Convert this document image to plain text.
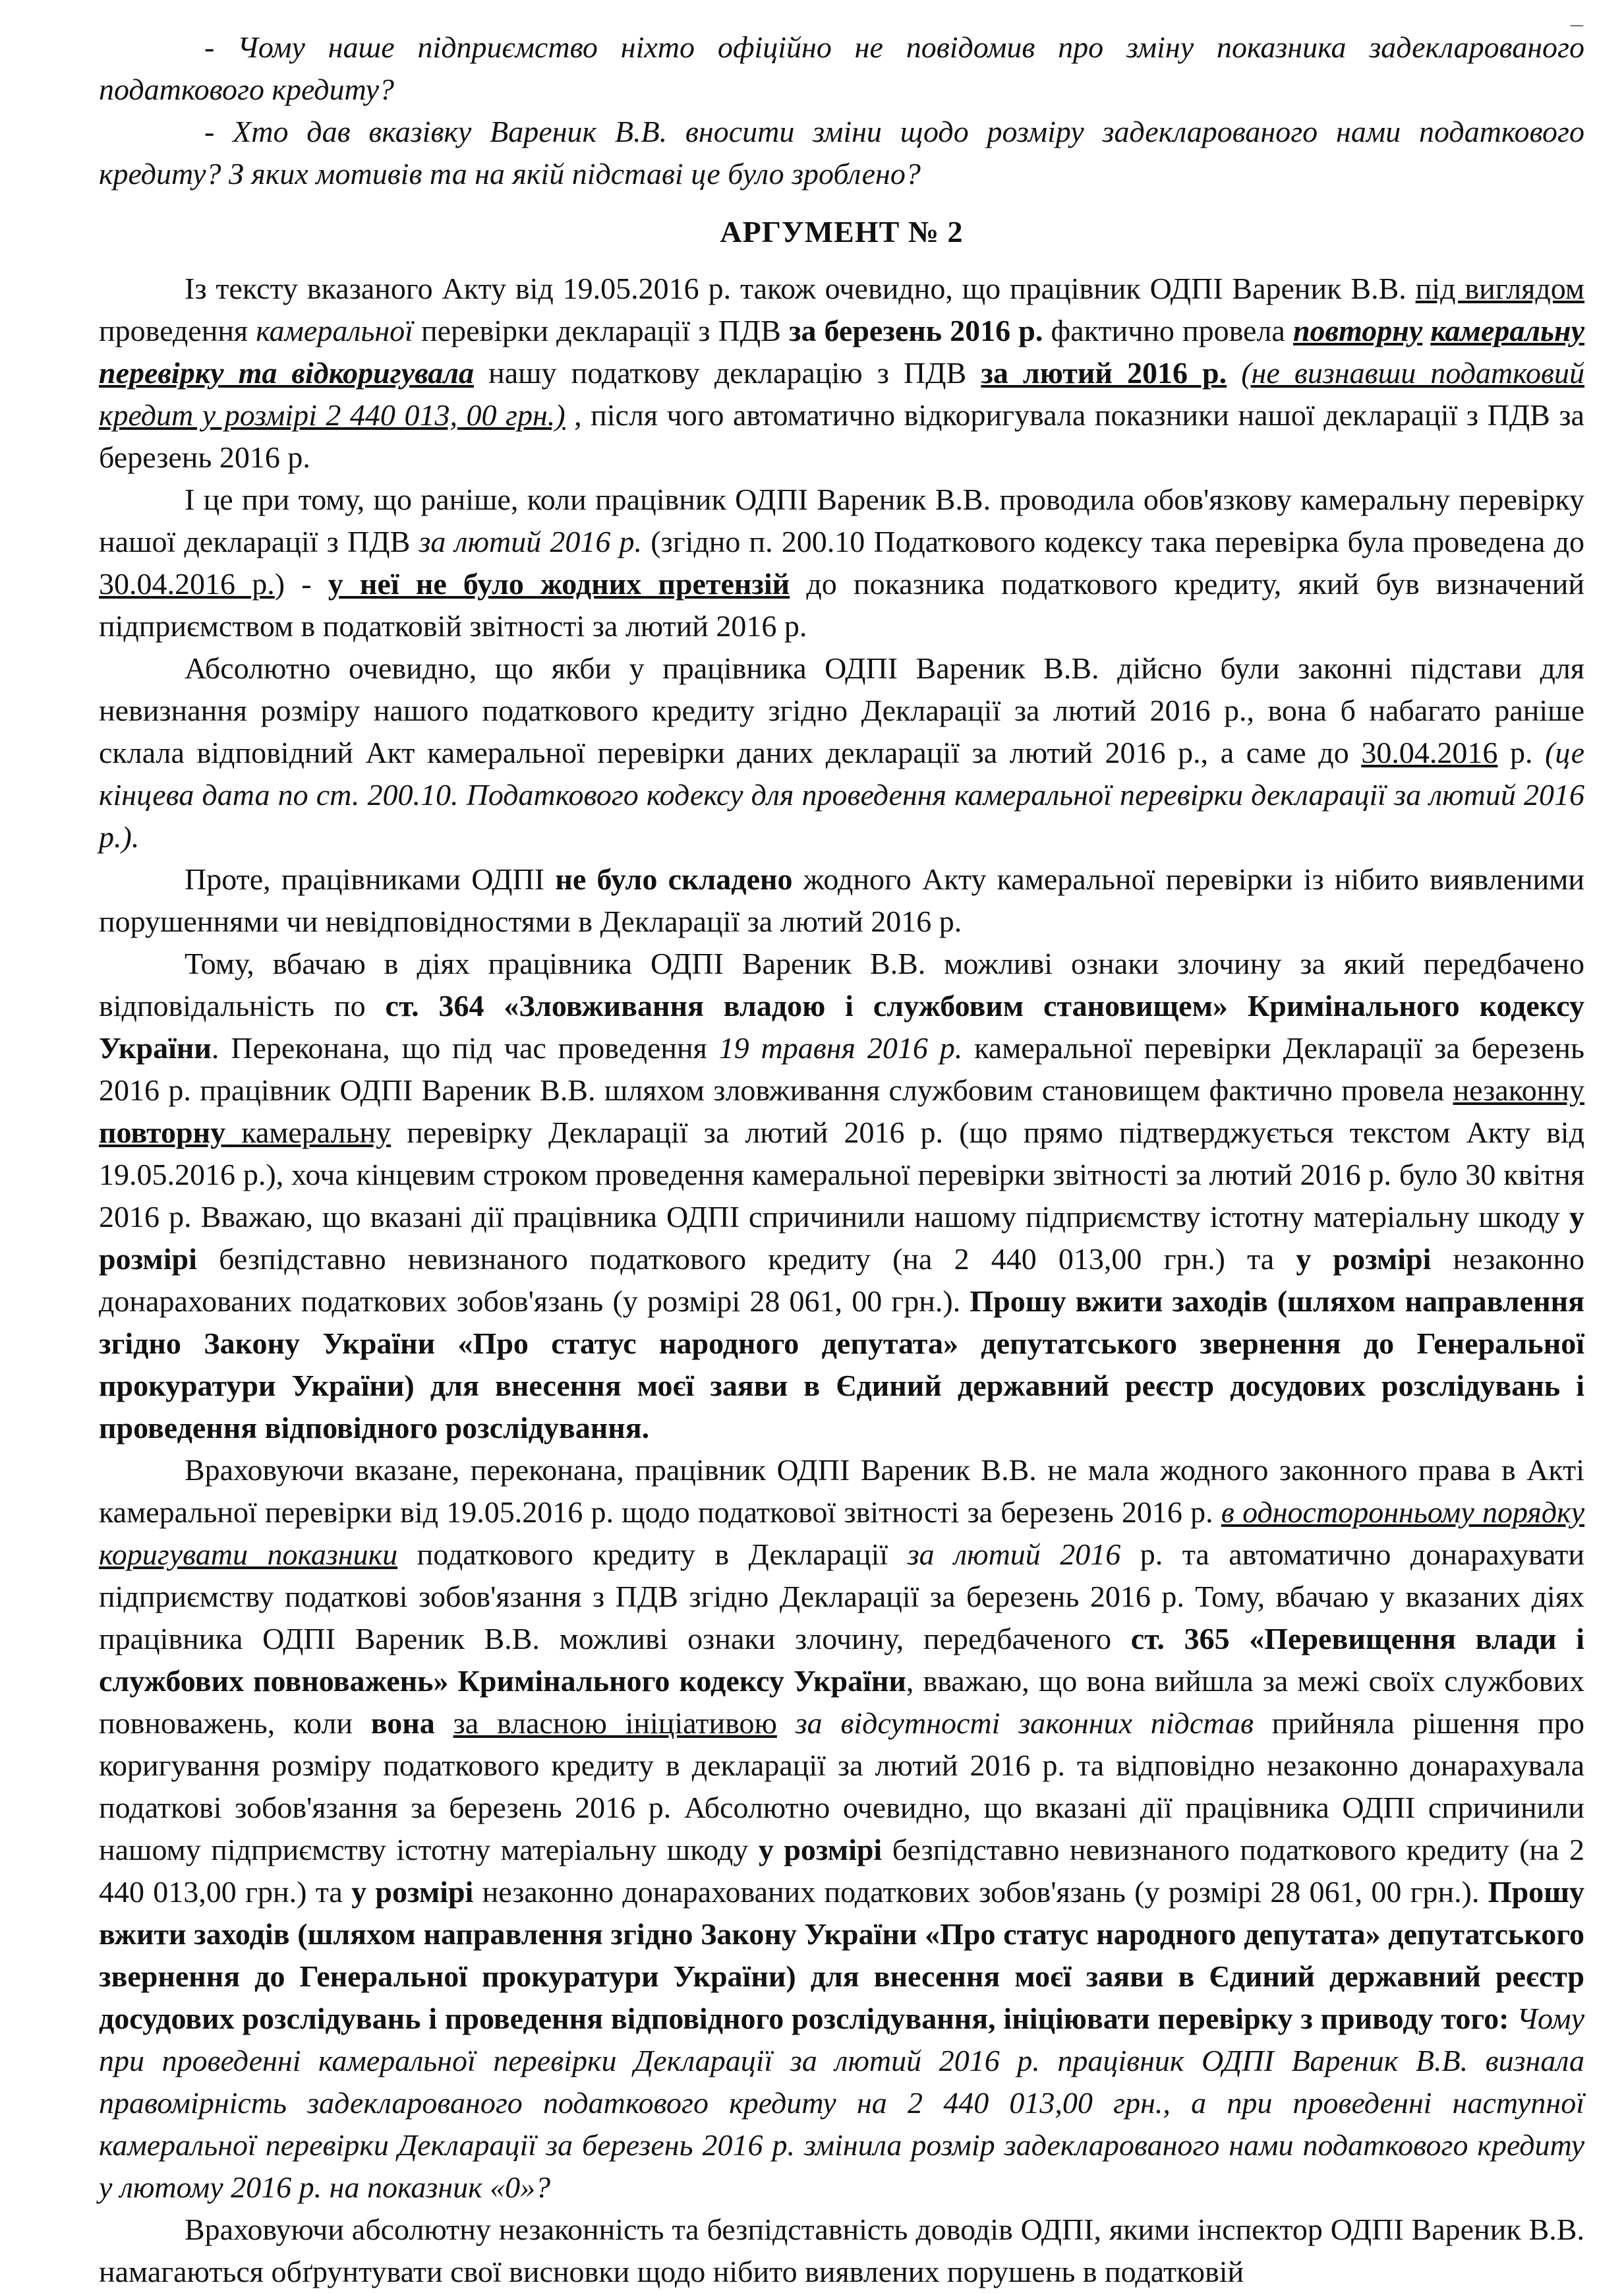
–

- Чому наше підприємство ніхто офіційно не повідомив про зміну показника задекларованого податкового кредиту?

- Хто дав вказівку Вареник В.В. вносити зміни щодо розміру задекларованого нами податкового кредиту? З яких мотивів та на якій підставі це було зроблено?

АРГУМЕНТ № 2

Із тексту вказаного Акту від 19.05.2016 р. також очевидно, що працівник ОДПІ Вареник В.В. під виглядом проведення камеральної перевірки декларації з ПДВ за березень 2016 р. фактично провела повторну камеральну перевірку та відкоригувала нашу податкову декларацію з ПДВ за лютий 2016 р. (не визнавши податковий кредит у розмірі 2 440 013, 00 грн.) , після чого автоматично відкоригувала показники нашої декларації з ПДВ за березень 2016 р.

І це при тому, що раніше, коли працівник ОДПІ Вареник В.В. проводила обов'язкову камеральну перевірку нашої декларації з ПДВ за лютий 2016 р. (згідно п. 200.10 Податкового кодексу така перевірка була проведена до 30.04.2016 р.) - у неї не було жодних претензій до показника податкового кредиту, який був визначений підприємством в податковій звітності за лютий 2016 р.

Абсолютно очевидно, що якби у працівника ОДПІ Вареник В.В. дійсно були законні підстави для невизнання розміру нашого податкового кредиту згідно Декларації за лютий 2016 р., вона б набагато раніше склала відповідний Акт камеральної перевірки даних декларації за лютий 2016 р., а саме до 30.04.2016 р. (це кінцева дата по ст. 200.10. Податкового кодексу для проведення камеральної перевірки декларації за лютий 2016 р.).

Проте, працівниками ОДПІ не було складено жодного Акту камеральної перевірки із нібито виявленими порушеннями чи невідповідностями в Декларації за лютий 2016 р.

Тому, вбачаю в діях працівника ОДПІ Вареник В.В. можливі ознаки злочину за який передбачено відповідальність по ст. 364 «Зловживання владою і службовим становищем» Кримінального кодексу України. Переконана, що під час проведення 19 травня 2016 р. камеральної перевірки Декларації за березень 2016 р. працівник ОДПІ Вареник В.В. шляхом зловживання службовим становищем фактично провела незаконну повторну камеральну перевірку Декларації за лютий 2016 р. (що прямо підтверджується текстом Акту від 19.05.2016 р.), хоча кінцевим строком проведення камеральної перевірки звітності за лютий 2016 р. було 30 квітня 2016 р. Вважаю, що вказані дії працівника ОДПІ спричинили нашому підприємству істотну матеріальну шкоду у розмірі безпідставно невизнаного податкового кредиту (на 2 440 013,00 грн.) та у розмірі незаконно донарахованих податкових зобов'язань (у розмірі 28 061, 00 грн.). Прошу вжити заходів (шляхом направлення згідно Закону України «Про статус народного депутата» депутатського звернення до Генеральної прокуратури України) для внесення моєї заяви в Єдиний державний реєстр досудових розслідувань і проведення відповідного розслідування.

Враховуючи вказане, переконана, працівник ОДПІ Вареник В.В. не мала жодного законного права в Акті камеральної перевірки від 19.05.2016 р. щодо податкової звітності за березень 2016 р. в односторонньому порядку коригувати показники податкового кредиту в Декларації за лютий 2016 р. та автоматично донарахувати підприємству податкові зобов'язання з ПДВ згідно Декларації за березень 2016 р. Тому, вбачаю у вказаних діях працівника ОДПІ Вареник В.В. можливі ознаки злочину, передбаченого ст. 365 «Перевищення влади і службових повноважень» Кримінального кодексу України, вважаю, що вона вийшла за межі своїх службових повноважень, коли вона за власною ініціативою за відсутності законних підстав прийняла рішення про коригування розміру податкового кредиту в декларації за лютий 2016 р. та відповідно незаконно донарахувала податкові зобов'язання за березень 2016 р. Абсолютно очевидно, що вказані дії працівника ОДПІ спричинили нашому підприємству істотну матеріальну шкоду у розмірі безпідставно невизнаного податкового кредиту (на 2 440 013,00 грн.) та у розмірі незаконно донарахованих податкових зобов'язань (у розмірі 28 061, 00 грн.). Прошу вжити заходів (шляхом направлення згідно Закону України «Про статус народного депутата» депутатського звернення до Генеральної прокуратури України) для внесення моєї заяви в Єдиний державний реєстр досудових розслідувань і проведення відповідного розслідування, ініціювати перевірку з приводу того: Чому при проведенні камеральної перевірки Декларації за лютий 2016 р. працівник ОДПІ Вареник В.В. визнала правомірність задекларованого податкового кредиту на 2 440 013,00 грн., а при проведенні наступної камеральної перевірки Декларації за березень 2016 р. змінила розмір задекларованого нами податкового кредиту у лютому 2016 р. на показник «0»?

Враховуючи абсолютну незаконність та безпідставність доводів ОДПІ, якими інспектор ОДПІ Вареник В.В. намагаються обґрунтувати свої висновки щодо нібито виявлених порушень в податковій
